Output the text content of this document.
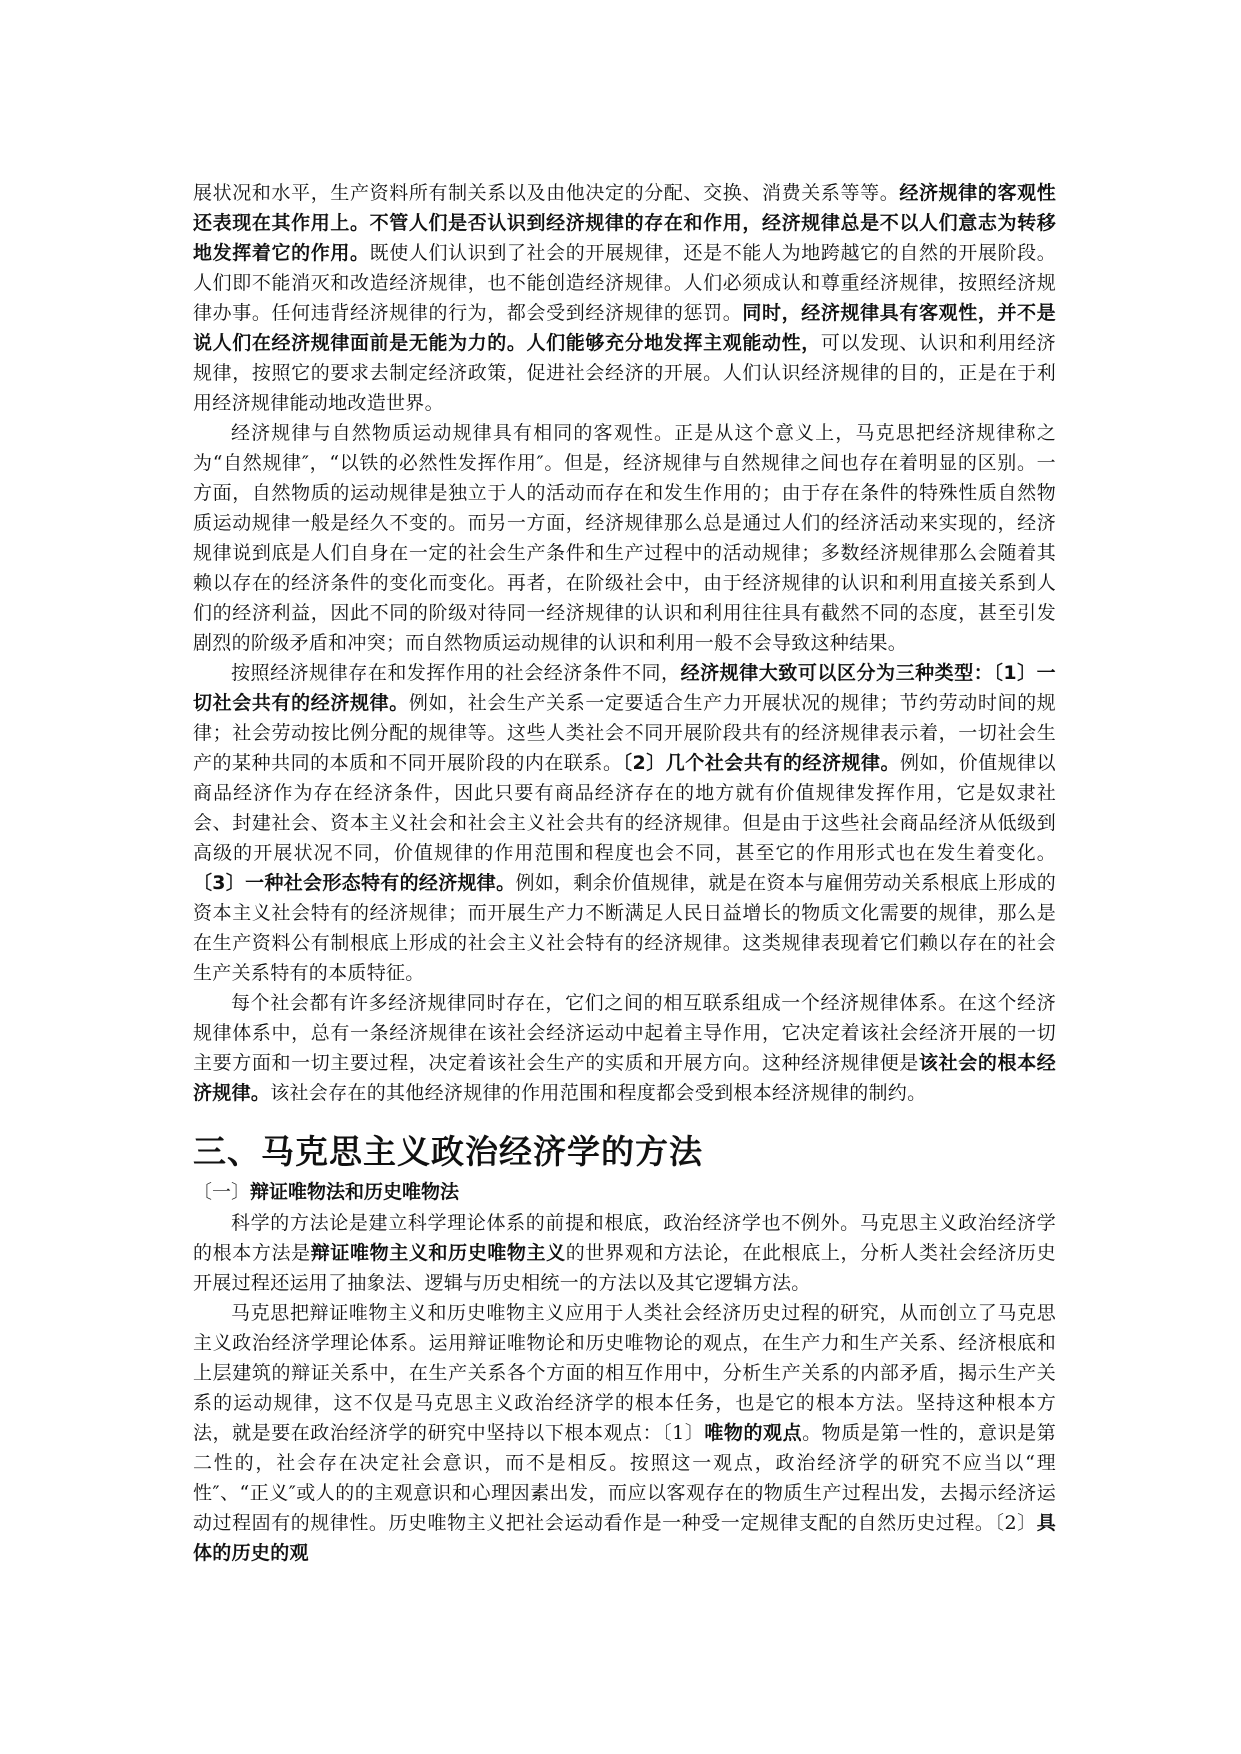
展状况和水平，生产资料所有制关系以及由他决定的分配、交换、消费关系等等。经济规律的客观性还表现在其作用上。不管人们是否认识到经济规律的存在和作用，经济规律总是不以人们意志为转移地发挥着它的作用。既使人们认识到了社会的开展规律，还是不能人为地跨越它的自然的开展阶段。人们即不能消灭和改造经济规律，也不能创造经济规律。人们必须成认和尊重经济规律，按照经济规律办事。任何违背经济规律的行为，都会受到经济规律的惩罚。同时，经济规律具有客观性，并不是说人们在经济规律面前是无能为力的。人们能够充分地发挥主观能动性，可以发现、认识和利用经济规律，按照它的要求去制定经济政策，促进社会经济的开展。人们认识经济规律的目的，正是在于利用经济规律能动地改造世界。

经济规律与自然物质运动规律具有相同的客观性。正是从这个意义上，马克思把经济规律称之为“自然规律″，“以铁的必然性发挥作用″。但是，经济规律与自然规律之间也存在着明显的区别。一方面，自然物质的运动规律是独立于人的活动而存在和发生作用的；由于存在条件的特殊性质自然物质运动规律一般是经久不变的。而另一方面，经济规律那么总是通过人们的经济活动来实现的，经济规律说到底是人们自身在一定的社会生产条件和生产过程中的活动规律；多数经济规律那么会随着其赖以存在的经济条件的变化而变化。再者，在阶级社会中，由于经济规律的认识和利用直接关系到人们的经济利益，因此不同的阶级对待同一经济规律的认识和利用往往具有截然不同的态度，甚至引发剧烈的阶级矛盾和冲突；而自然物质运动规律的认识和利用一般不会导致这种结果。

按照经济规律存在和发挥作用的社会经济条件不同，经济规律大致可以区分为三种类型：〔1〕一切社会共有的经济规律。例如，社会生产关系一定要适合生产力开展状况的规律；节约劳动时间的规律；社会劳动按比例分配的规律等。这些人类社会不同开展阶段共有的经济规律表示着，一切社会生产的某种共同的本质和不同开展阶段的内在联系。〔2〕几个社会共有的经济规律。例如，价值规律以商品经济作为存在经济条件，因此只要有商品经济存在的地方就有价值规律发挥作用，它是奴隶社会、封建社会、资本主义社会和社会主义社会共有的经济规律。但是由于这些社会商品经济从低级到高级的开展状况不同，价值规律的作用范围和程度也会不同，甚至它的作用形式也在发生着变化。〔3〕一种社会形态特有的经济规律。例如，剩余价值规律，就是在资本与雇佣劳动关系根底上形成的资本主义社会特有的经济规律；而开展生产力不断满足人民日益增长的物质文化需要的规律，那么是在生产资料公有制根底上形成的社会主义社会特有的经济规律。这类规律表现着它们赖以存在的社会生产关系特有的本质特征。

每个社会都有许多经济规律同时存在，它们之间的相互联系组成一个经济规律体系。在这个经济规律体系中，总有一条经济规律在该社会经济运动中起着主导作用，它决定着该社会经济开展的一切主要方面和一切主要过程，决定着该社会生产的实质和开展方向。这种经济规律便是该社会的根本经济规律。该社会存在的其他经济规律的作用范围和程度都会受到根本经济规律的制约。

三、马克思主义政治经济学的方法
〔一〕辩证唯物法和历史唯物法

科学的方法论是建立科学理论体系的前提和根底，政治经济学也不例外。马克思主义政治经济学的根本方法是辩证唯物主义和历史唯物主义的世界观和方法论，在此根底上，分析人类社会经济历史开展过程还运用了抽象法、逻辑与历史相统一的方法以及其它逻辑方法。

马克思把辩证唯物主义和历史唯物主义应用于人类社会经济历史过程的研究，从而创立了马克思主义政治经济学理论体系。运用辩证唯物论和历史唯物论的观点，在生产力和生产关系、经济根底和上层建筑的辩证关系中，在生产关系各个方面的相互作用中，分析生产关系的内部矛盾，揭示生产关系的运动规律，这不仅是马克思主义政治经济学的根本任务，也是它的根本方法。坚持这种根本方法，就是要在政治经济学的研究中坚持以下根本观点：〔1〕唯物的观点。物质是第一性的，意识是第二性的，社会存在决定社会意识，而不是相反。按照这一观点，政治经济学的研究不应当以“理性″、“正义″或人的的主观意识和心理因素出发，而应以客观存在的物质生产过程出发，去揭示经济运动过程固有的规律性。历史唯物主义把社会运动看作是一种受一定规律支配的自然历史过程。〔2〕具体的历史的观
